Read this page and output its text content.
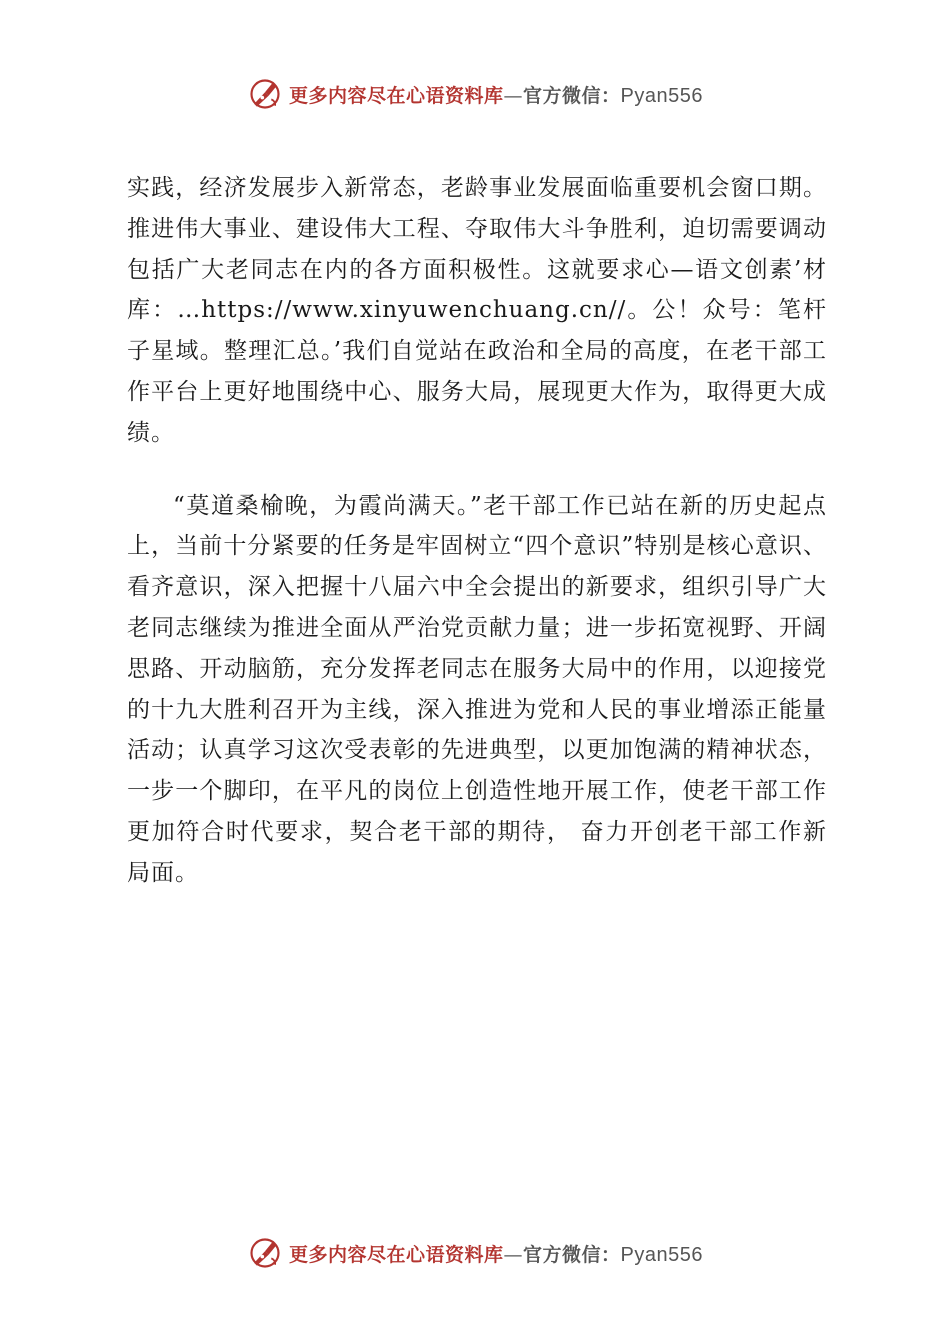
更多内容尽在心语资料库—官方微信：Pyan556

实践，经济发展步入新常态，老龄事业发展面临重要机会窗口期。推进伟大事业、建设伟大工程、夺取伟大斗争胜利，迫切需要调动包括广大老同志在内的各方面积极性。这就要求心—语文创素’材库：…https://www.xinyuwenchuang.cn//。公！众号：笔杆子星域。整理汇总。’我们自觉站在政治和全局的高度，在老干部工作平台上更好地围绕中心、服务大局，展现更大作为，取得更大成绩。

“莫道桑榆晚，为霞尚满天。”老干部工作已站在新的历史起点上，当前十分紧要的任务是牢固树立“四个意识”特别是核心意识、看齐意识，深入把握十八届六中全会提出的新要求，组织引导广大老同志继续为推进全面从严治党贡献力量；进一步拓宽视野、开阔思路、开动脑筋，充分发挥老同志在服务大局中的作用，以迎接党的十九大胜利召开为主线，深入推进为党和人民的事业增添正能量活动；认真学习这次受表彰的先进典型，以更加饱满的精神状态，一步一个脚印，在平凡的岗位上创造性地开展工作，使老干部工作更加符合时代要求，契合老干部的期待， 奋力开创老干部工作新局面。

更多内容尽在心语资料库—官方微信：Pyan556
